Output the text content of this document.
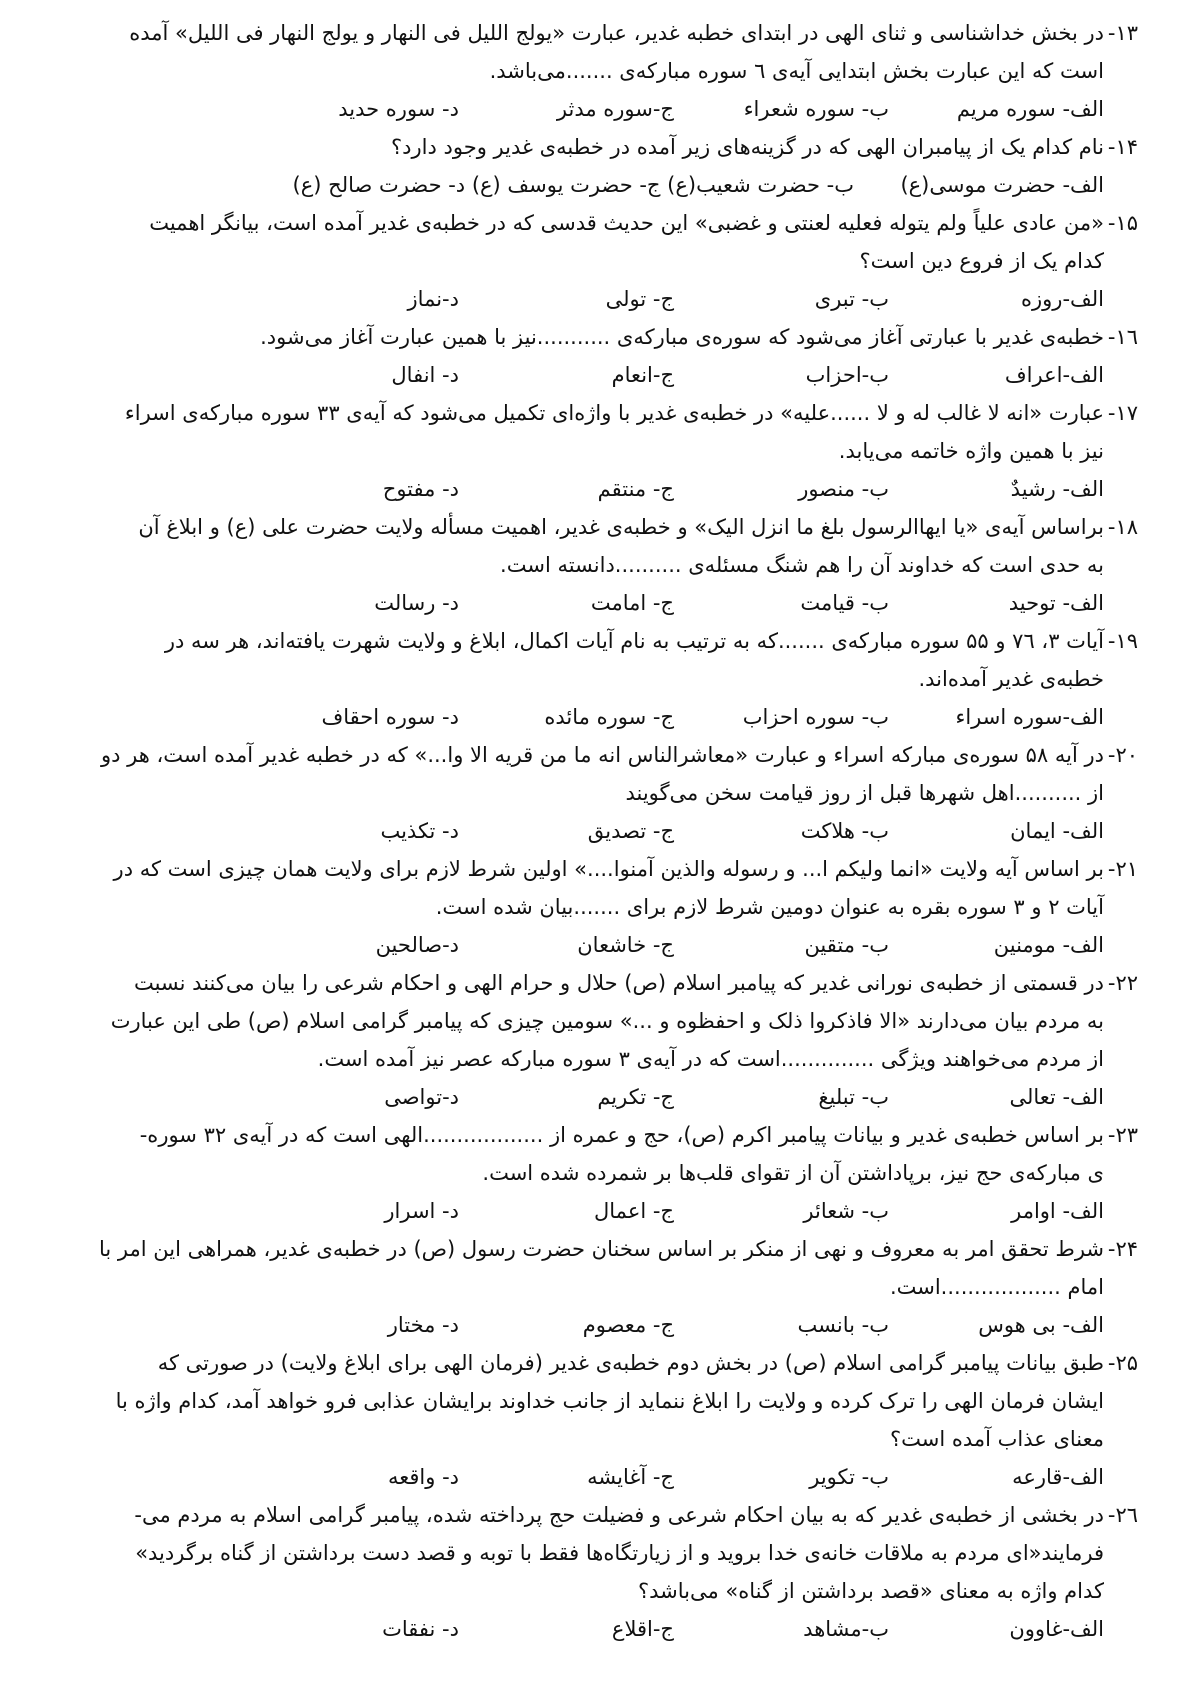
۱۳-
در بخش خداشناسی و ثنای الهی در ابتدای خطبه غدیر، عبارت «یولج اللیل فی النهار و یولج النهار فی اللیل» آمده
است که این عبارت بخش ابتدایی آیه‌ی ٦ سوره مبارکه‌ی .......می‌باشد.
الف- سوره مریم
ب- سوره شعراء
ج-سوره مدثر
د- سوره حدید
۱۴-
نام کدام یک از پیامبران الهی که در گزینه‌های زیر آمده در خطبه‌ی غدیر وجود دارد؟
الف- حضرت موسی(ع)
ب- حضرت شعیب(ع) ج- حضرت یوسف (ع) د- حضرت صالح (ع)
۱۵-
«من عادی علیاً ولم یتوله فعلیه لعنتی و غضبی» این حدیث قدسی که در خطبه‌ی غدیر آمده است، بیانگر اهمیت
کدام یک از فروع دین است؟
الف-روزه
ب- تبری
ج- تولی
د-نماز
۱٦-
خطبه‌ی غدیر با عبارتی آغاز می‌شود که سوره‌ی مبارکه‌ی ...........نیز با همین عبارت آغاز می‌شود.
الف-اعراف
ب-احزاب
ج-انعام
د- انفال
۱۷-
عبارت «انه لا غالب له و لا ......علیه» در خطبه‌ی غدیر با واژه‌ای تکمیل می‌شود که آیه‌ی ۳۳ سوره مبارکه‌ی اسراء
نیز با همین واژه خاتمه می‌یابد.
الف- رشیدٌ
ب- منصور
ج- منتقم
د- مفتوح
۱۸-
براساس آیه‌ی «یا ایهاالرسول بلغ ما انزل الیک» و خطبه‌ی غدیر، اهمیت مسأله ولایت حضرت علی (ع) و ابلاغ آن
به حدی است که خداوند آن را هم شنگ مسئله‌ی ..........دانسته است.
الف- توحید
ب- قیامت
ج- امامت
د- رسالت
۱۹-
آیات ۳، ۷٦ و ۵۵ سوره مبارکه‌ی .......که به ترتیب به نام آیات اکمال، ابلاغ و ولایت شهرت یافته‌اند، هر سه در
خطبه‌ی غدیر آمده‌اند.
الف-سوره اسراء
ب- سوره احزاب
ج- سوره مائده
د- سوره احقاف
۲۰-
در آیه ۵۸ سوره‌ی مبارکه اسراء و عبارت «معاشرالناس انه ما من قریه الا وا...» که در خطبه غدیر آمده است، هر دو
از ..........اهل شهرها قبل از روز قیامت سخن می‌گویند
الف- ایمان
ب- هلاکت
ج- تصدیق
د- تکذیب
۲۱-
بر اساس آیه ولایت «انما ولیکم ا... و رسوله والذین آمنوا....» اولین شرط لازم برای ولایت همان چیزی است که در
آیات ۲ و ۳ سوره بقره به عنوان دومین شرط لازم برای .......بیان شده است.
الف- مومنین
ب- متقین
ج- خاشعان
د-صالحین
۲۲-
در قسمتی از خطبه‌ی نورانی غدیر که پیامبر اسلام (ص) حلال و حرام الهی و احکام شرعی را بیان می‌کنند نسبت
به مردم بیان می‌دارند «الا فاذکروا ذلک و احفظوه و ...» سومین چیزی که پیامبر گرامی اسلام (ص) طی این عبارت
از مردم می‌خواهند ویژگی ..............است که در آیه‌ی ۳ سوره مبارکه عصر نیز آمده است.
الف- تعالی
ب- تبلیغ
ج- تکریم
د-تواصی
۲۳-
بر اساس خطبه‌ی غدیر و بیانات پیامبر اکرم (ص)، حج و عمره از ..................الهی است که در آیه‌ی ۳۲ سوره-
ی مبارکه‌ی حج نیز، برپاداشتن آن از تقوای قلب‌ها بر شمرده شده است.
الف- اوامر
ب- شعائر
ج- اعمال
د- اسرار
۲۴-
شرط تحقق امر به معروف و نهی از منکر بر اساس سخنان حضرت رسول (ص) در خطبه‌ی غدیر، همراهی این امر با
امام ..................است.
الف- بی هوس
ب- بانسب
ج- معصوم
د- مختار
۲۵-
طبق بیانات پیامبر گرامی اسلام (ص) در بخش دوم خطبه‌ی غدیر (فرمان الهی برای ابلاغ ولایت) در صورتی که
ایشان فرمان الهی را ترک کرده و ولایت را ابلاغ ننماید از جانب خداوند برایشان عذابی فرو خواهد آمد، کدام واژه با
معنای عذاب آمده است؟
الف-قارعه
ب- تکویر
ج- آغایشه
د- واقعه
۲٦-
در بخشی از خطبه‌ی غدیر که به بیان احکام شرعی و فضیلت حج پرداخته شده، پیامبر گرامی اسلام به مردم می-
فرمایند«ای مردم به ملاقات خانه‌ی خدا بروید و از زیارتگاه‌ها فقط با توبه و قصد دست برداشتن از گناه برگردید»
کدام واژه به معنای «قصد برداشتن از گناه» می‌باشد؟
الف-غاوون
ب-مشاهد
ج-اقلاع
د- نفقات
